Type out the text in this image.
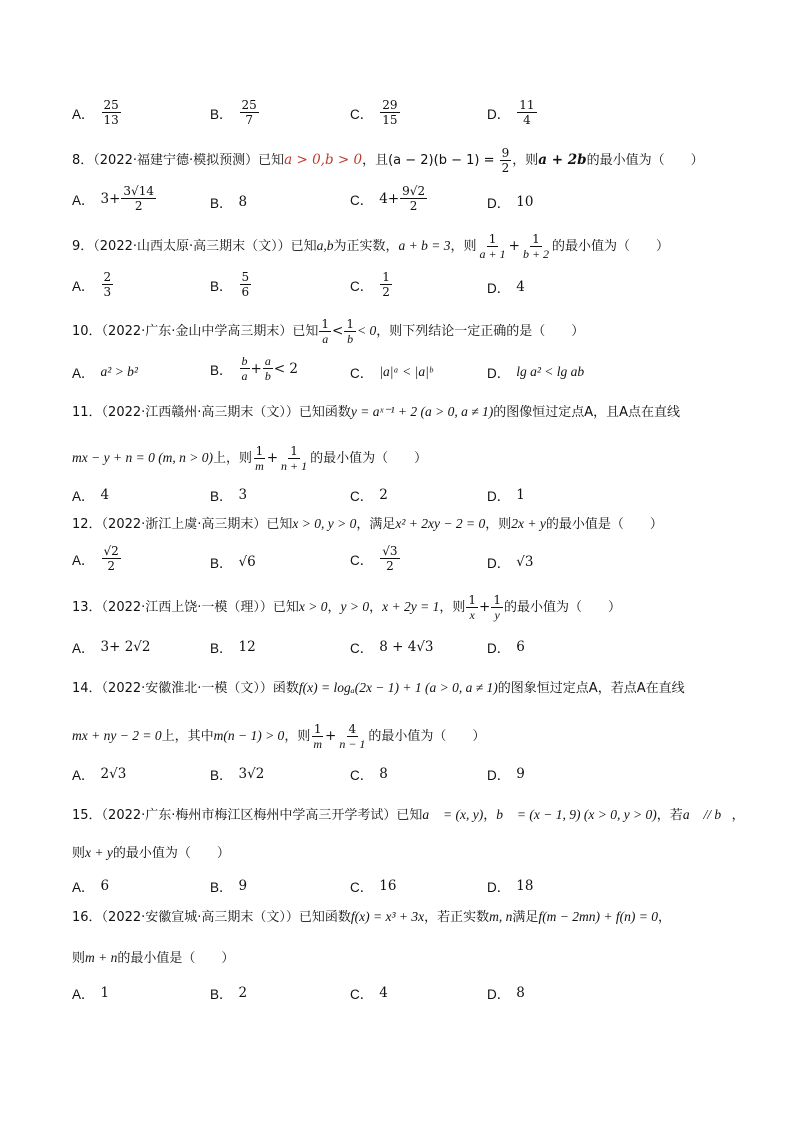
A． $\frac{25}{13}$	B． $\frac{25}{7}$	C． $\frac{29}{15}$	D． $\frac{11}{4}$
8．（2022·福建宁德·模拟预测）已知a > 0,b > 0，且$(a - 2)(b - 1) = \frac{9}{2}$ ，则a + 2b的最小值为（　　）
A． $3+ \frac{3√14}{2}$	B． 8	C． $4+ \frac{9√2}{2}$	D． 10
9．（2022·山西太原·高三期末（文））已知a,b为正实数，a + b = 3，则 $\frac{1}{a + 1} + \frac{1}{b + 2}$ 的最小值为（　　）
A． $\frac{2}{3}$	B． $\frac{5}{6}$	C． $\frac{1}{2}$	D． 4
10．（2022·广东·金山中学高三期末）已知 $\frac{1}{a} < \frac{1}{b} < 0$，则下列结论一定正确的是（　　）
A． a² > b²	B． $\frac{b}{a} + \frac{a}{b} < 2$	C． |a|ᵃ < |a|ᵇ	D． lg a² < lg ab
11．（2022·江西赣州·高三期末（文））已知函数y = aˣ⁻¹ + 2 (a > 0, a ≠ 1)的图像恒过定点A，且A点在直线
mx − y + n = 0 (m, n > 0)上，则 $\frac{1}{m} + \frac{1}{n + 1}$ 的最小值为（　　）
A． 4	B． 3	C． 2	D． 1
12．（2022·浙江上虞·高三期末）已知x > 0, y > 0，满足x² + 2xy − 2 = 0，则2x + y的最小值是（　　）
A． $\frac{√2}{2}$	B． √6	C． $\frac{√3}{2}$	D． √3
13．（2022·江西上饶·一模（理））已知x > 0，y > 0，x + 2y = 1，则 $\frac{1}{x} + \frac{1}{y}$ 的最小值为（　　）
A． 3+ 2√2	B． 12	C． 8 + 4√3	D． 6
14．（2022·安徽淮北·一模（文））函数f(x) = logₐ(2x − 1) + 1 (a > 0, a ≠ 1)的图象恒过定点A，若点A在直线
mx + ny − 2 = 0上，其中m(n − 1) > 0，则 $\frac{1}{m} + \frac{4}{n - 1}$ 的最小值为（　　）
A． 2√3	B． 3√2	C． 8	D． 9
15．（2022·广东·梅州市梅江区梅州中学高三开学考试）已知a⃗ = (x, y)，b⃗ = (x − 1, 9) (x > 0, y > 0)，若a⃗ // b⃗，
则x + y的最小值为（　　）
A． 6	B． 9	C． 16	D． 18
16．（2022·安徽宣城·高三期末（文））已知函数f(x) = x³ + 3x，若正实数m, n满足f(m − 2mn) + f(n) = 0，
则m + n的最小值是（　　）
A． 1	B． 2	C． 4	D． 8
